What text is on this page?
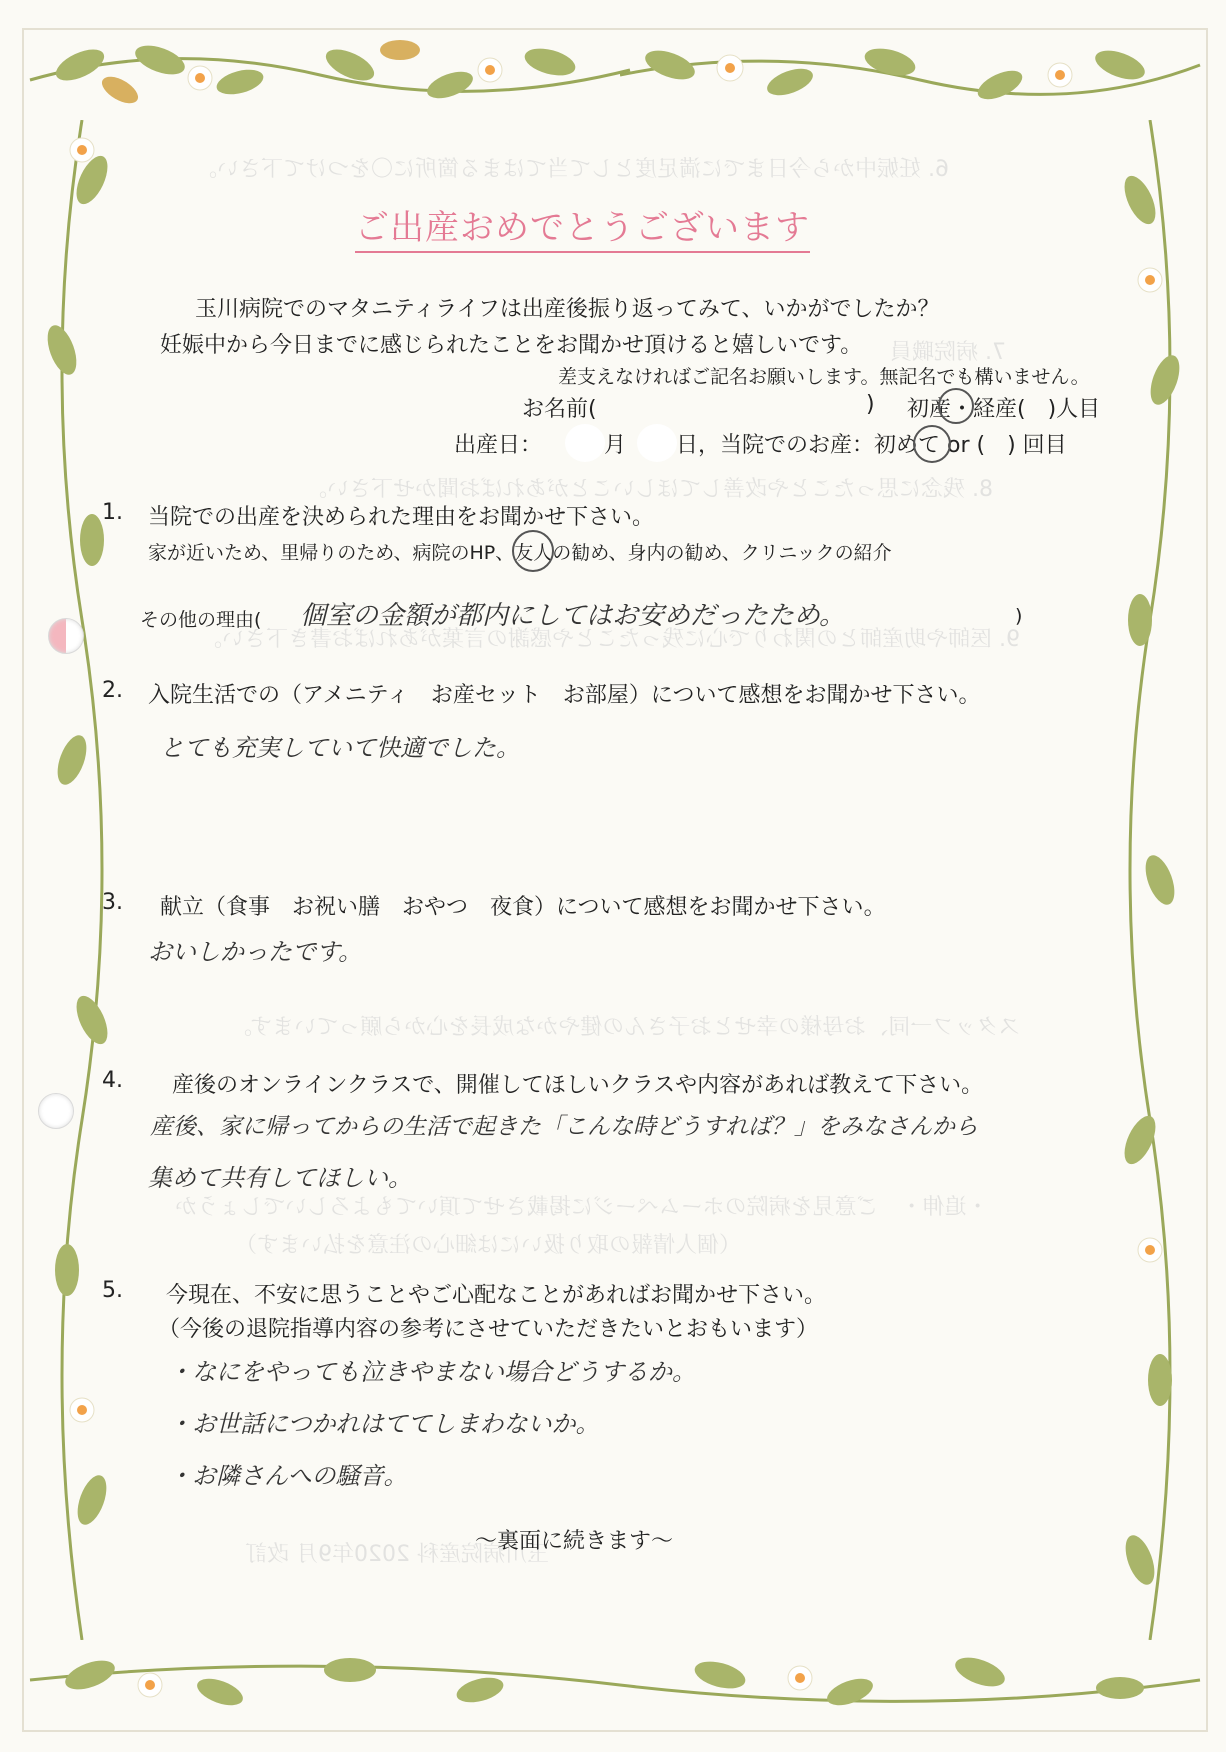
6. 妊娠中から今日までに満足度として当てはまる箇所に〇をつけて下さい。
7. 病院職員
8. 残念に思ったことや改善してほしいことがあればお聞かせ下さい。
9. 医師や助産師との関わりで心に残ったことや感謝の言葉があればお書き下さい。
スタッフ一同、お母様の幸せとお子さんの健やかな成長を心から願っています。
・追伸・　ご意見を病院のホームページに掲載させて頂いてもよろしいでしょうか
（個人情報の取り扱いには細心の注意を払います）
玉川病院産科 2020年9月 改訂
ご出産おめでとうございます
玉川病院でのマタニティライフは出産後振り返ってみて、いかがでしたか？
妊娠中から今日までに感じられたことをお聞かせ頂けると嬉しいです。
差支えなければご記名お願いします。無記名でも構いません。
お名前(	) 初産・経産(　)人目
出産日：	月 日，当院でのお産：初めて or (　) 回目
1. 当院での出産を決められた理由をお聞かせ下さい。
家が近いため、里帰りのため、病院のHP、友人の勧め、身内の勧め、クリニックの紹介
その他の理由( 個室の金額が都内にしてはお安めだったため。	)
2. 入院生活での（アメニティ　お産セット　お部屋）について感想をお聞かせ下さい。
とても充実していて快適でした。
3. 献立（食事　お祝い膳　おやつ　夜食）について感想をお聞かせ下さい。
おいしかったです。
4. 産後のオンラインクラスで、開催してほしいクラスや内容があれば教えて下さい。
産後、家に帰ってからの生活で起きた「こんな時どうすれば？」をみなさんから
集めて共有してほしい。
5. 今現在、不安に思うことやご心配なことがあればお聞かせ下さい。
（今後の退院指導内容の参考にさせていただきたいとおもいます）
・なにをやっても泣きやまない場合どうするか。
・お世話につかれはててしまわないか。
・お隣さんへの騒音。
〜裏面に続きます〜
